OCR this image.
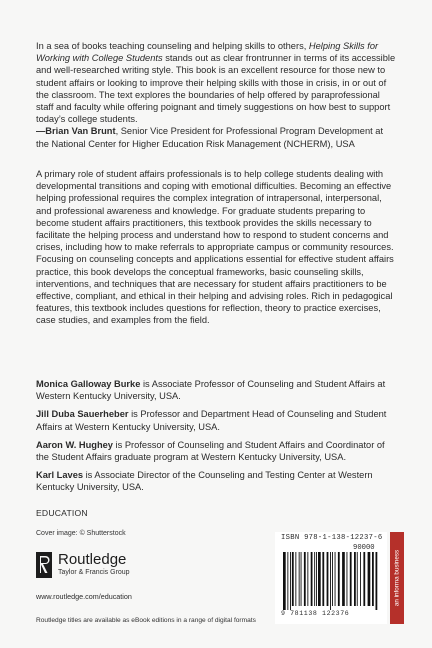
In a sea of books teaching counseling and helping skills to others, Helping Skills for Working with College Students stands out as clear frontrunner in terms of its accessible and well-researched writing style. This book is an excellent resource for those new to student affairs or looking to improve their helping skills with those in crisis, in or out of the classroom. The text explores the boundaries of help offered by paraprofessional staff and faculty while offering poignant and timely suggestions on how best to support today’s college students.

—Brian Van Brunt, Senior Vice President for Professional Program Development at the National Center for Higher Education Risk Management (NCHERM), USA

A primary role of student affairs professionals is to help college students dealing with developmental transitions and coping with emotional difficulties. Becoming an effective helping professional requires the complex integration of intrapersonal, interpersonal, and professional awareness and knowledge. For graduate students preparing to become student affairs practitioners, this textbook provides the skills necessary to facilitate the helping process and understand how to respond to student concerns and crises, including how to make referrals to appropriate campus or community resources. Focusing on counseling concepts and applications essential for effective student affairs practice, this book develops the conceptual frameworks, basic counseling skills, interventions, and techniques that are necessary for student affairs practitioners to be effective, compliant, and ethical in their helping and advising roles. Rich in pedagogical features, this textbook includes questions for reflection, theory to practice exercises, case studies, and examples from the field.

Monica Galloway Burke is Associate Professor of Counseling and Student Affairs at Western Kentucky University, USA.

Jill Duba Sauerheber is Professor and Department Head of Counseling and Student Affairs at Western Kentucky University, USA.

Aaron W. Hughey is Professor of Counseling and Student Affairs and Coordinator of the Student Affairs graduate program at Western Kentucky University, USA.

Karl Laves is Associate Director of the Counseling and Testing Center at Western Kentucky University, USA.

EDUCATION
Cover image: © Shutterstock
Routledge
Taylor & Francis Group
www.routledge.com/education
Routledge titles are available as eBook editions in a range of digital formats
ISBN 978-1-138-12237-6
90000
9 781138 122376
an informa business
